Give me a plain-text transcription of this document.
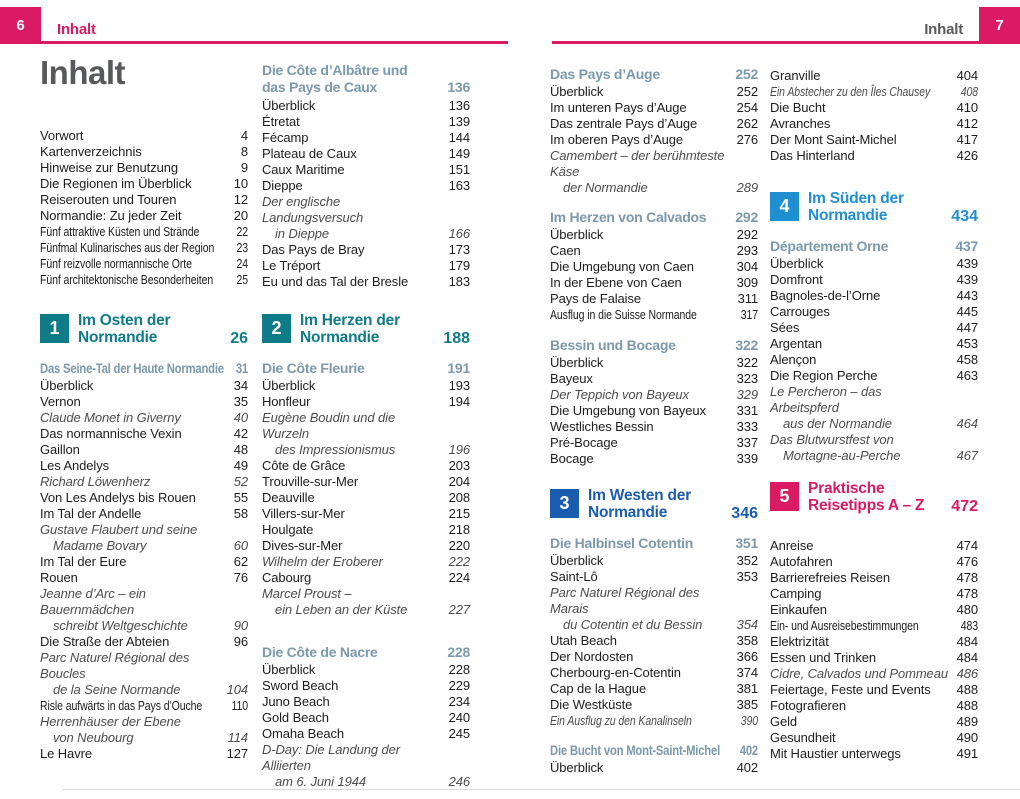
6	Inhalt	7
Inhalt
Inhalt
Vorwort	4
Kartenverzeichnis	8
Hinweise zur Benutzung	9
Die Regionen im Überblick	10
Reiserouten und Touren	12
Normandie: Zu jeder Zeit	20
Fünf attraktive Küsten und Strände	22
Fünfmal Kulinarisches aus der Region	23
Fünf reizvolle normannische Orte	24
Fünf architektonische Besonderheiten	25
1	Im Osten der
Normandie	26
Das Seine-Tal der Haute Normandie 31
Überblick	34
Vernon	35
Claude Monet in Giverny	40
Das normannische Vexin	42
Gaillon	48
Les Andelys	49
Richard Löwenherz	52
Von Les Andelys bis Rouen	55
Im Tal der Andelle	58
Gustave Flaubert und seine
Madame Bovary	60
Im Tal der Eure	62
Rouen	76
Jeanne d’Arc – ein Bauernmädchen
schreibt Weltgeschichte	90
Die Straße der Abteien	96
Parc Naturel Régional des Boucles
de la Seine Normande	104
Risle aufwärts in das Pays d’Ouche	110
Herrenhäuser der Ebene
von Neubourg	114
Le Havre	127
Die Côte d’Albâtre und
das Pays de Caux	136
Überblick	136
Étretat	139
Fécamp	144
Plateau de Caux	149
Caux Maritime	151
Dieppe	163
Der englische Landungsversuch
in Dieppe	166
Das Pays de Bray	173
Le Tréport	179
Eu und das Tal der Bresle	183
2	Im Herzen der
Normandie	188
Die Côte Fleurie	191
Überblick	193
Honfleur	194
Eugène Boudin und die Wurzeln
des Impressionismus	196
Côte de Grâce	203
Trouville-sur-Mer	204
Deauville	208
Villers-sur-Mer	215
Houlgate	218
Dives-sur-Mer	220
Wilhelm der Eroberer	222
Cabourg	224
Marcel Proust –
ein Leben an der Küste	227
Die Côte de Nacre	228
Überblick	228
Sword Beach	229
Juno Beach	234
Gold Beach	240
Omaha Beach	245
D-Day: Die Landung der Alliierten
am 6. Juni 1944	246
Das Pays d’Auge	252
Überblick	252
Im unteren Pays d’Auge	254
Das zentrale Pays d’Auge	262
Im oberen Pays d’Auge	276
Camembert – der berühmteste Käse
der Normandie	289
Im Herzen von Calvados	292
Überblick	292
Caen	293
Die Umgebung von Caen	304
In der Ebene von Caen	309
Pays de Falaise	311
Ausflug in die Suisse Normande	317
Bessin und Bocage	322
Überblick	322
Bayeux	323
Der Teppich von Bayeux	329
Die Umgebung von Bayeux	331
Westliches Bessin	333
Pré-Bocage	337
Bocage	339
3	Im Westen der
Normandie	346
Die Halbinsel Cotentin	351
Überblick	352
Saint-Lô	353
Parc Naturel Régional des Marais
du Cotentin et du Bessin	354
Utah Beach	358
Der Nordosten	366
Cherbourg-en-Cotentin	374
Cap de la Hague	381
Die Westküste	385
Ein Ausflug zu den Kanalinseln	390
Die Bucht von Mont-Saint-Michel	402
Überblick	402
Granville	404
Ein Abstecher zu den Îles Chausey	408
Die Bucht	410
Avranches	412
Der Mont Saint-Michel	417
Das Hinterland	426
4	Im Süden der
Normandie	434
Département Orne	437
Überblick	439
Domfront	439
Bagnoles-de-l’Orne	443
Carrouges	445
Sées	447
Argentan	453
Alençon	458
Die Region Perche	463
Le Percheron – das Arbeitspferd
aus der Normandie	464
Das Blutwurstfest von
Mortagne-au-Perche	467
5	Praktische
Reisetipps A – Z	472
Anreise	474
Autofahren	476
Barrierefreies Reisen	478
Camping	478
Einkaufen	480
Ein- und Ausreisebestimmungen	483
Elektrizität	484
Essen und Trinken	484
Cidre, Calvados und Pommeau 486
Feiertage, Feste und Events	488
Fotografieren	488
Geld	489
Gesundheit	490
Mit Haustier unterwegs	491
